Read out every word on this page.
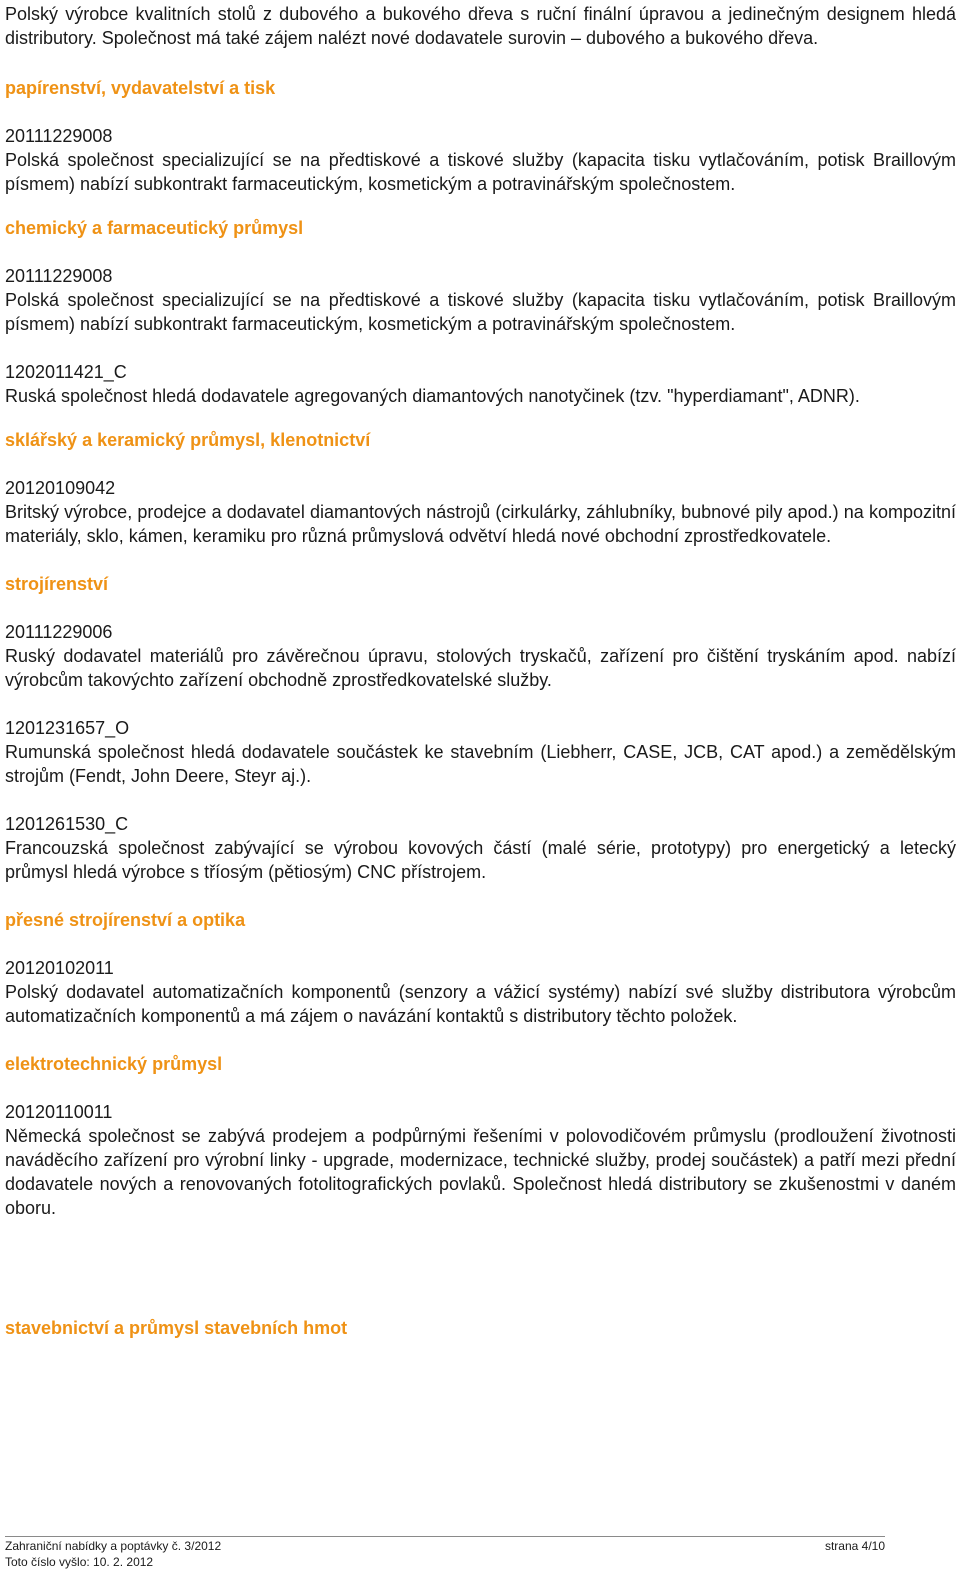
Polský výrobce kvalitních stolů z dubového a bukového dřeva s ruční finální úpravou a jedinečným designem hledá distributory. Společnost má také zájem nalézt nové dodavatele surovin – dubového a bukového dřeva.

papírenství, vydavatelství a tisk

20111229008

Polská společnost specializující se na předtiskové a tiskové služby (kapacita tisku vytlačováním, potisk Braillovým písmem) nabízí subkontrakt farmaceutickým, kosmetickým a potravinářským společnostem.

chemický a farmaceutický průmysl

20111229008

Polská společnost specializující se na předtiskové a tiskové služby (kapacita tisku vytlačováním, potisk Braillovým písmem) nabízí subkontrakt farmaceutickým, kosmetickým a potravinářským společnostem.

1202011421_C

Ruská společnost hledá dodavatele agregovaných diamantových nanotyčinek (tzv. "hyperdiamant", ADNR).

sklářský a keramický průmysl, klenotnictví

20120109042

Britský výrobce, prodejce a dodavatel diamantových nástrojů (cirkulárky, záhlubníky, bubnové pily apod.) na kompozitní materiály, sklo, kámen, keramiku pro různá průmyslová odvětví hledá nové obchodní zprostředkovatele.

strojírenství

20111229006

Ruský dodavatel materiálů pro závěrečnou úpravu, stolových tryskačů, zařízení pro čištění tryskáním apod. nabízí výrobcům takovýchto zařízení obchodně zprostředkovatelské služby.

1201231657_O

Rumunská společnost hledá dodavatele součástek ke stavebním (Liebherr, CASE, JCB, CAT apod.) a zemědělským strojům (Fendt, John Deere, Steyr aj.).

1201261530_C

Francouzská společnost zabývající se výrobou kovových částí (malé série, prototypy) pro energetický a letecký průmysl hledá výrobce s tříosým (pětiosým) CNC přístrojem.

přesné strojírenství a optika

20120102011

Polský dodavatel automatizačních komponentů (senzory a vážicí systémy) nabízí své služby distributora výrobcům automatizačních komponentů a má zájem o navázání kontaktů s distributory těchto položek.

elektrotechnický průmysl

20120110011

Německá společnost se zabývá prodejem a podpůrnými řešeními v polovodičovém průmyslu (prodloužení životnosti naváděcího zařízení pro výrobní linky - upgrade, modernizace, technické služby, prodej součástek) a patří mezi přední dodavatele nových a renovovaných fotolitografických povlaků. Společnost hledá distributory se zkušenostmi v daném oboru.

stavebnictví a průmysl stavebních hmot
Zahraniční nabídky a poptávky č. 3/2012	strana 4/10
Toto číslo vyšlo: 10. 2. 2012
